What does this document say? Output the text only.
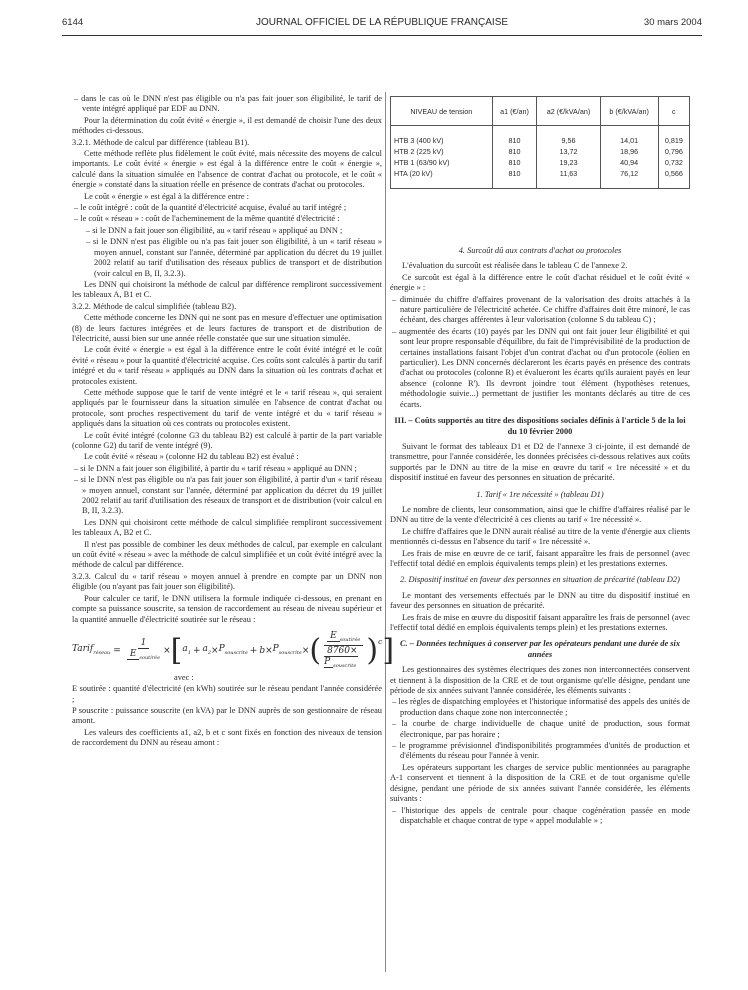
6144	JOURNAL OFFICIEL DE LA RÉPUBLIQUE FRANÇAISE	30 mars 2004

– dans le cas où le DNN n'est pas éligible ou n'a pas fait jouer son éligibilité, le tarif de vente intégré appliqué par EDF au DNN.

Pour la détermination du coût évité « énergie », il est demandé de choisir l'une des deux méthodes ci-dessous.

3.2.1. Méthode de calcul par différence (tableau B1).

Cette méthode reflète plus fidèlement le coût évité, mais nécessite des moyens de calcul importants. Le coût évité « énergie » est égal à la différence entre le coût « énergie », calculé dans la situation simulée en l'absence de contrat d'achat ou protocole, et le coût « énergie » constaté dans la situation réelle en présence de contrats d'achat ou protocoles.

Le coût « énergie » est égal à la différence entre :

– le coût intégré : coût de la quantité d'électricité acquise, évalué au tarif intégré ;

– le coût « réseau » : coût de l'acheminement de la même quantité d'électricité :

– si le DNN a fait jouer son éligibilité, au « tarif réseau » appliqué au DNN ;

– si le DNN n'est pas éligible ou n'a pas fait jouer son éligibilité, à un « tarif réseau » moyen annuel, constant sur l'année, déterminé par application du décret du 19 juillet 2002 relatif au tarif d'utilisation des réseaux publics de transport et de distribution (voir calcul en B, II, 3.2.3).

Les DNN qui choisiront la méthode de calcul par différence rempliront successivement les tableaux A, B1 et C.

3.2.2. Méthode de calcul simplifiée (tableau B2).

Cette méthode concerne les DNN qui ne sont pas en mesure d'effectuer une optimisation (8) de leurs factures intégrées et de leurs factures de transport et de distribution de l'électricité, aussi bien sur une année réelle constatée que sur une situation simulée.

Le coût évité « énergie » est égal à la différence entre le coût évité intégré et le coût évité « réseau » pour la quantité d'électricité acquise. Ces coûts sont calculés à partir du tarif intégré et du « tarif réseau » appliqués au DNN dans la situation où les contrats d'achat et protocoles existent.

Cette méthode suppose que le tarif de vente intégré et le « tarif réseau », qui seraient appliqués par le fournisseur dans la situation simulée en l'absence de contrat d'achat ou protocole, sont proches respectivement du tarif de vente intégré et du « tarif réseau » appliqués dans la situation où ces contrats ou protocoles existent.

Le coût évité intégré (colonne G3 du tableau B2) est calculé à partir de la part variable (colonne G2) du tarif de vente intégré (9).

Le coût évité « réseau » (colonne H2 du tableau B2) est évalué :

– si le DNN a fait jouer son éligibilité, à partir du « tarif réseau » appliqué au DNN ;

– si le DNN n'est pas éligible ou n'a pas fait jouer son éligibilité, à partir d'un « tarif réseau » moyen annuel, constant sur l'année, déterminé par application du décret du 19 juillet 2002 relatif au tarif d'utilisation des réseaux de transport et de distribution (voir calcul en B, II, 3.2.3).

Les DNN qui choisiront cette méthode de calcul simplifiée rempliront successivement les tableaux A, B2 et C.

Il n'est pas possible de combiner les deux méthodes de calcul, par exemple en calculant un coût évité « réseau » avec la méthode de calcul simplifiée et un coût évité intégré avec la méthode de calcul par différence.

3.2.3. Calcul du « tarif réseau » moyen annuel à prendre en compte par un DNN non éligible (ou n'ayant pas fait jouer son éligibilité).

Pour calculer ce tarif, le DNN utilisera la formule indiquée ci-dessous, en prenant en compte sa puissance souscrite, sa tension de raccordement au réseau de niveau supérieur et la quantité annuelle d'électricité soutirée sur le réseau :

Tarif$_{réseau}$ = $\frac{1}{E _{soutirée}}$ × [ $a_1 + a_2 \times P_{souscrite} + b \times P_{souscrite}$ × ( $\frac{E _{soutirée}}{8760\times P _{souscrite}} )^c$ ]

avec :

E soutirée : quantité d'électricité (en kWh) soutirée sur le réseau pendant l'année considérée ;

P souscrite : puissance souscrite (en kVA) par le DNN auprès de son gestionnaire de réseau amont.

Les valeurs des coefficients a1, a2, b et c sont fixés en fonction des niveaux de tension de raccordement du DNN au réseau amont :

NIVEAU de tension	a1 (€/an)	a2 (€/kVA/an)	b (€/kVA/an)	c
HTB 3 (400 kV)	810	9,56	14,01	0,819
HTB 2 (225 kV)	810	13,72	18,96	0,796
HTB 1 (63/90 kV)	810	19,23	40,94	0,732
HTA (20 kV)	810	11,63	76,12	0,566

4. Surcoût dû aux contrats d'achat ou protocoles

L'évaluation du surcoût est réalisée dans le tableau C de l'annexe 2.

Ce surcoût est égal à la différence entre le coût d'achat résiduel et le coût évité « énergie » :

– diminuée du chiffre d'affaires provenant de la valorisation des droits attachés à la nature particulière de l'électricité achetée. Ce chiffre d'affaires doit être minoré, le cas échéant, des charges afférentes à leur valorisation (colonne S du tableau C) ;

– augmentée des écarts (10) payés par les DNN qui ont fait jouer leur éligibilité et qui sont leur propre responsable d'équilibre, du fait de l'imprévisibilité de la production de certaines installations faisant l'objet d'un contrat d'achat ou d'un protocole (éolien en particulier). Les DNN concernés déclareront les écarts payés en présence des contrats d'achat ou protocoles (colonne R) et évalueront les écarts qu'ils auraient payés en leur absence (colonne R'). Ils devront joindre tout élément (hypothèses retenues, méthodologie suivie...) permettant de justifier les montants déclarés au titre de ces écarts.

III. – Coûts supportés au titre des dispositions sociales définis à l'article 5 de la loi du 10 février 2000

Suivant le format des tableaux D1 et D2 de l'annexe 3 ci-jointe, il est demandé de transmettre, pour l'année considérée, les données précisées ci-dessous relatives aux coûts supportés par le DNN au titre de la mise en œuvre du tarif « 1re nécessité » et du dispositif institué en faveur des personnes en situation de précarité.

1. Tarif « 1re nécessité » (tableau D1)

Le nombre de clients, leur consommation, ainsi que le chiffre d'affaires réalisé par le DNN au titre de la vente d'électricité à ces clients au tarif « 1re nécessité ».

Le chiffre d'affaires que le DNN aurait réalisé au titre de la vente d'énergie aux clients mentionnés ci-dessus en l'absence du tarif « 1re nécessité ».

Les frais de mise en œuvre de ce tarif, faisant apparaître les frais de personnel (avec l'effectif total dédié en emplois équivalents temps plein) et les prestations externes.

2. Dispositif institué en faveur des personnes en situation de précarité (tableau D2)

Le montant des versements effectués par le DNN au titre du dispositif institué en faveur des personnes en situation de précarité.

Les frais de mise en œuvre du dispositif faisant apparaître les frais de personnel (avec l'effectif total dédié en emplois équivalents temps plein) et les prestations externes.

C. – Données techniques à conserver par les opérateurs pendant une durée de six années

Les gestionnaires des systèmes électriques des zones non interconnectées conservent et tiennent à la disposition de la CRE et de tout organisme qu'elle désigne, pendant une période de six années suivant l'année considérée, les éléments suivants :

– les règles de dispatching employées et l'historique informatisé des appels des unités de production dans chaque zone non interconnectée ;

– la courbe de charge individuelle de chaque unité de production, sous format électronique, par pas horaire ;

– le programme prévisionnel d'indisponibilités programmées d'unités de production et d'éléments du réseau pour l'année à venir.

Les opérateurs supportant les charges de service public mentionnées au paragraphe A-1 conservent et tiennent à la disposition de la CRE et de tout organisme qu'elle désigne, pendant une période de six années suivant l'année considérée, les éléments suivants :

– l'historique des appels de centrale pour chaque cogénération passée en mode dispatchable et chaque contrat de type « appel modulable » ;
